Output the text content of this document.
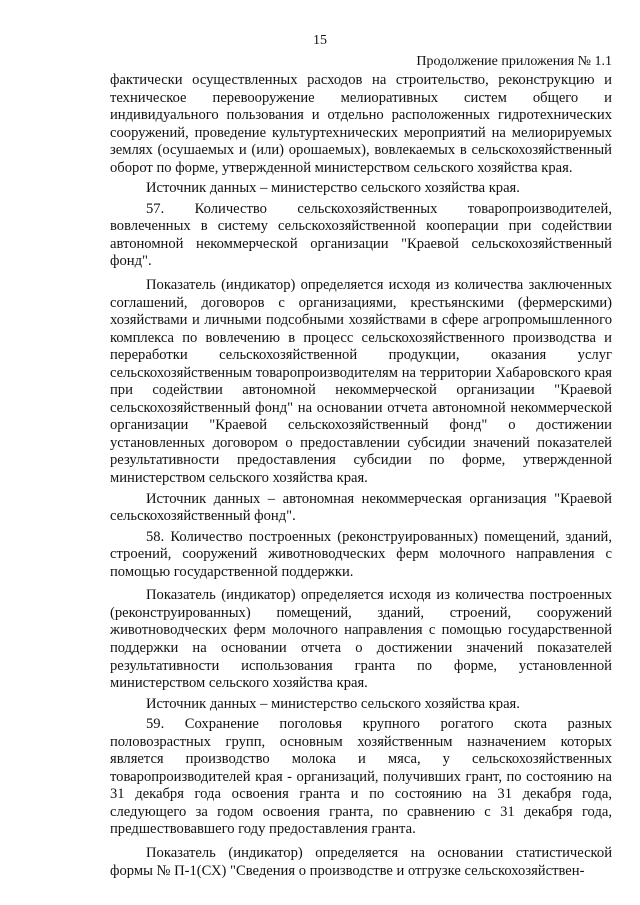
15
Продолжение приложения № 1.1

фактически осуществленных расходов на строительство, реконструкцию и техническое перевооружение мелиоративных систем общего и индивидуального пользования и отдельно расположенных гидротехнических сооружений, проведение культуртехнических мероприятий на мелиорируемых землях (осушаемых и (или) орошаемых), вовлекаемых в сельскохозяйственный оборот по форме, утвержденной министерством сельского хозяйства края.

Источник данных – министерство сельского хозяйства края.

57. Количество сельскохозяйственных товаропроизводителей, вовлеченных в систему сельскохозяйственной кооперации при содействии автономной некоммерческой организации "Краевой сельскохозяйственный фонд".

Показатель (индикатор) определяется исходя из количества заключенных соглашений, договоров с организациями, крестьянскими (фермерскими) хозяйствами и личными подсобными хозяйствами в сфере агропромышленного комплекса по вовлечению в процесс сельскохозяйственного производства и переработки сельскохозяйственной продукции, оказания услуг сельскохозяйственным товаропроизводителям на территории Хабаровского края при содействии автономной некоммерческой организации "Краевой сельскохозяйственный фонд" на основании отчета автономной некоммерческой организации "Краевой сельскохозяйственный фонд" о достижении установленных договором о предоставлении субсидии значений показателей результативности предоставления субсидии по форме, утвержденной министерством сельского хозяйства края.

Источник данных – автономная некоммерческая организация "Краевой сельскохозяйственный фонд".

58. Количество построенных (реконструированных) помещений, зданий, строений, сооружений животноводческих ферм молочного направления с помощью государственной поддержки.

Показатель (индикатор) определяется исходя из количества построенных (реконструированных) помещений, зданий, строений, сооружений животноводческих ферм молочного направления с помощью государственной поддержки на основании отчета о достижении значений показателей результативности использования гранта по форме, установленной министерством сельского хозяйства края.

Источник данных – министерство сельского хозяйства края.

59. Сохранение поголовья крупного рогатого скота разных половозрастных групп, основным хозяйственным назначением которых является производство молока и мяса, у сельскохозяйственных товаропроизводителей края - организаций, получивших грант, по состоянию на 31 декабря года освоения гранта и по состоянию на 31 декабря года, следующего за годом освоения гранта, по сравнению с 31 декабря года, предшествовавшего году предоставления гранта.

Показатель (индикатор) определяется на основании статистической формы № П-1(СХ) "Сведения о производстве и отгрузке сельскохозяйствен-
